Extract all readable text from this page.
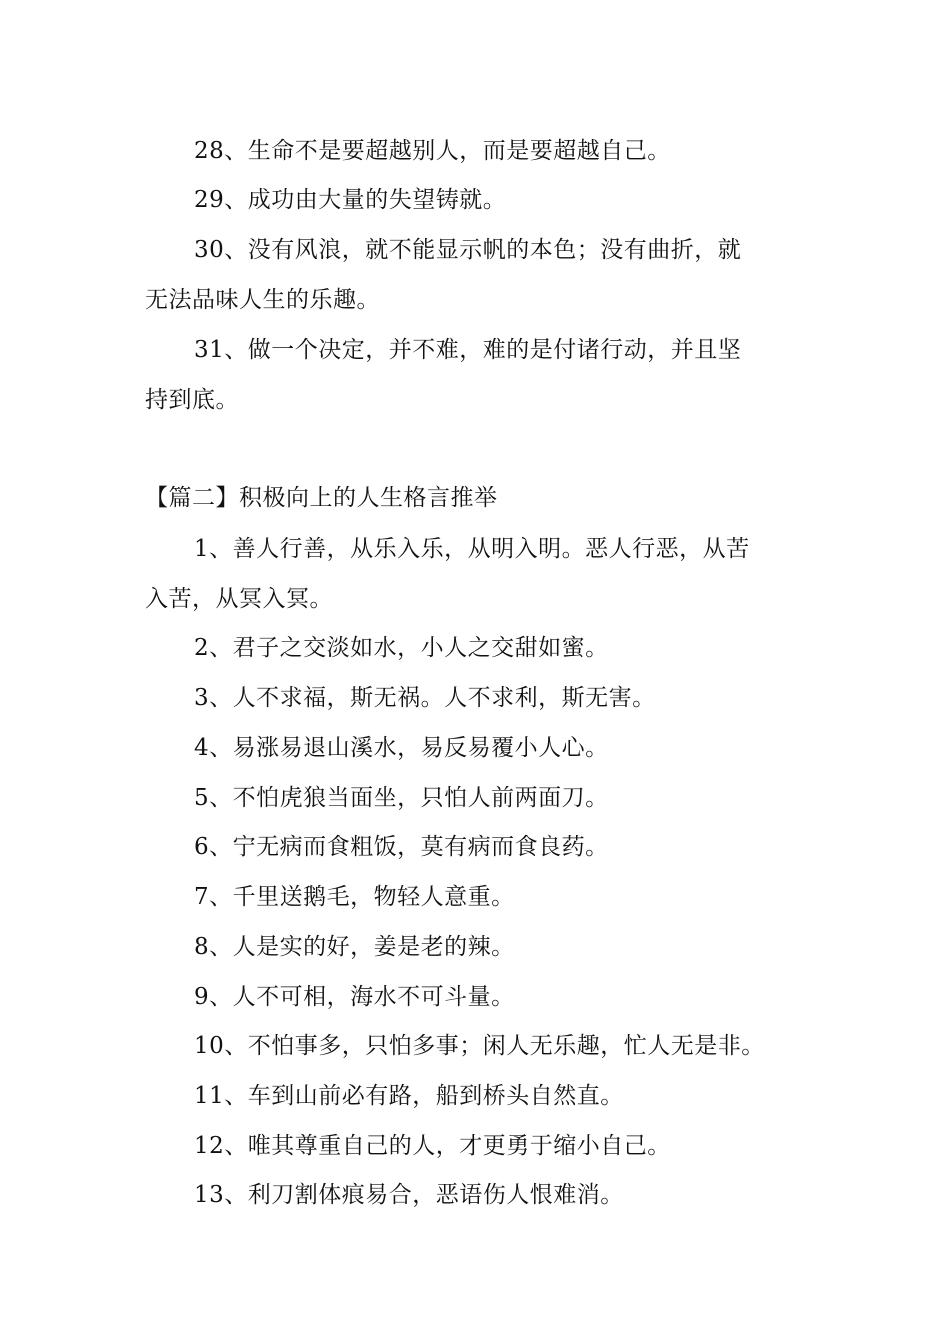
28、生命不是要超越别人，而是要超越自己。
29、成功由大量的失望铸就。
30、没有风浪，就不能显示帆的本色；没有曲折，就
无法品味人生的乐趣。
31、做一个决定，并不难，难的是付诸行动，并且坚
持到底。
【篇二】积极向上的人生格言推举
1、善人行善，从乐入乐，从明入明。恶人行恶，从苦
入苦，从冥入冥。
2、君子之交淡如水，小人之交甜如蜜。
3、人不求福，斯无祸。人不求利，斯无害。
4、易涨易退山溪水，易反易覆小人心。
5、不怕虎狼当面坐，只怕人前两面刀。
6、宁无病而食粗饭，莫有病而食良药。
7、千里送鹅毛，物轻人意重。
8、人是实的好，姜是老的辣。
9、人不可相，海水不可斗量。
10、不怕事多，只怕多事；闲人无乐趣，忙人无是非。
11、车到山前必有路，船到桥头自然直。
12、唯其尊重自己的人，才更勇于缩小自己。
13、利刀割体痕易合，恶语伤人恨难消。
